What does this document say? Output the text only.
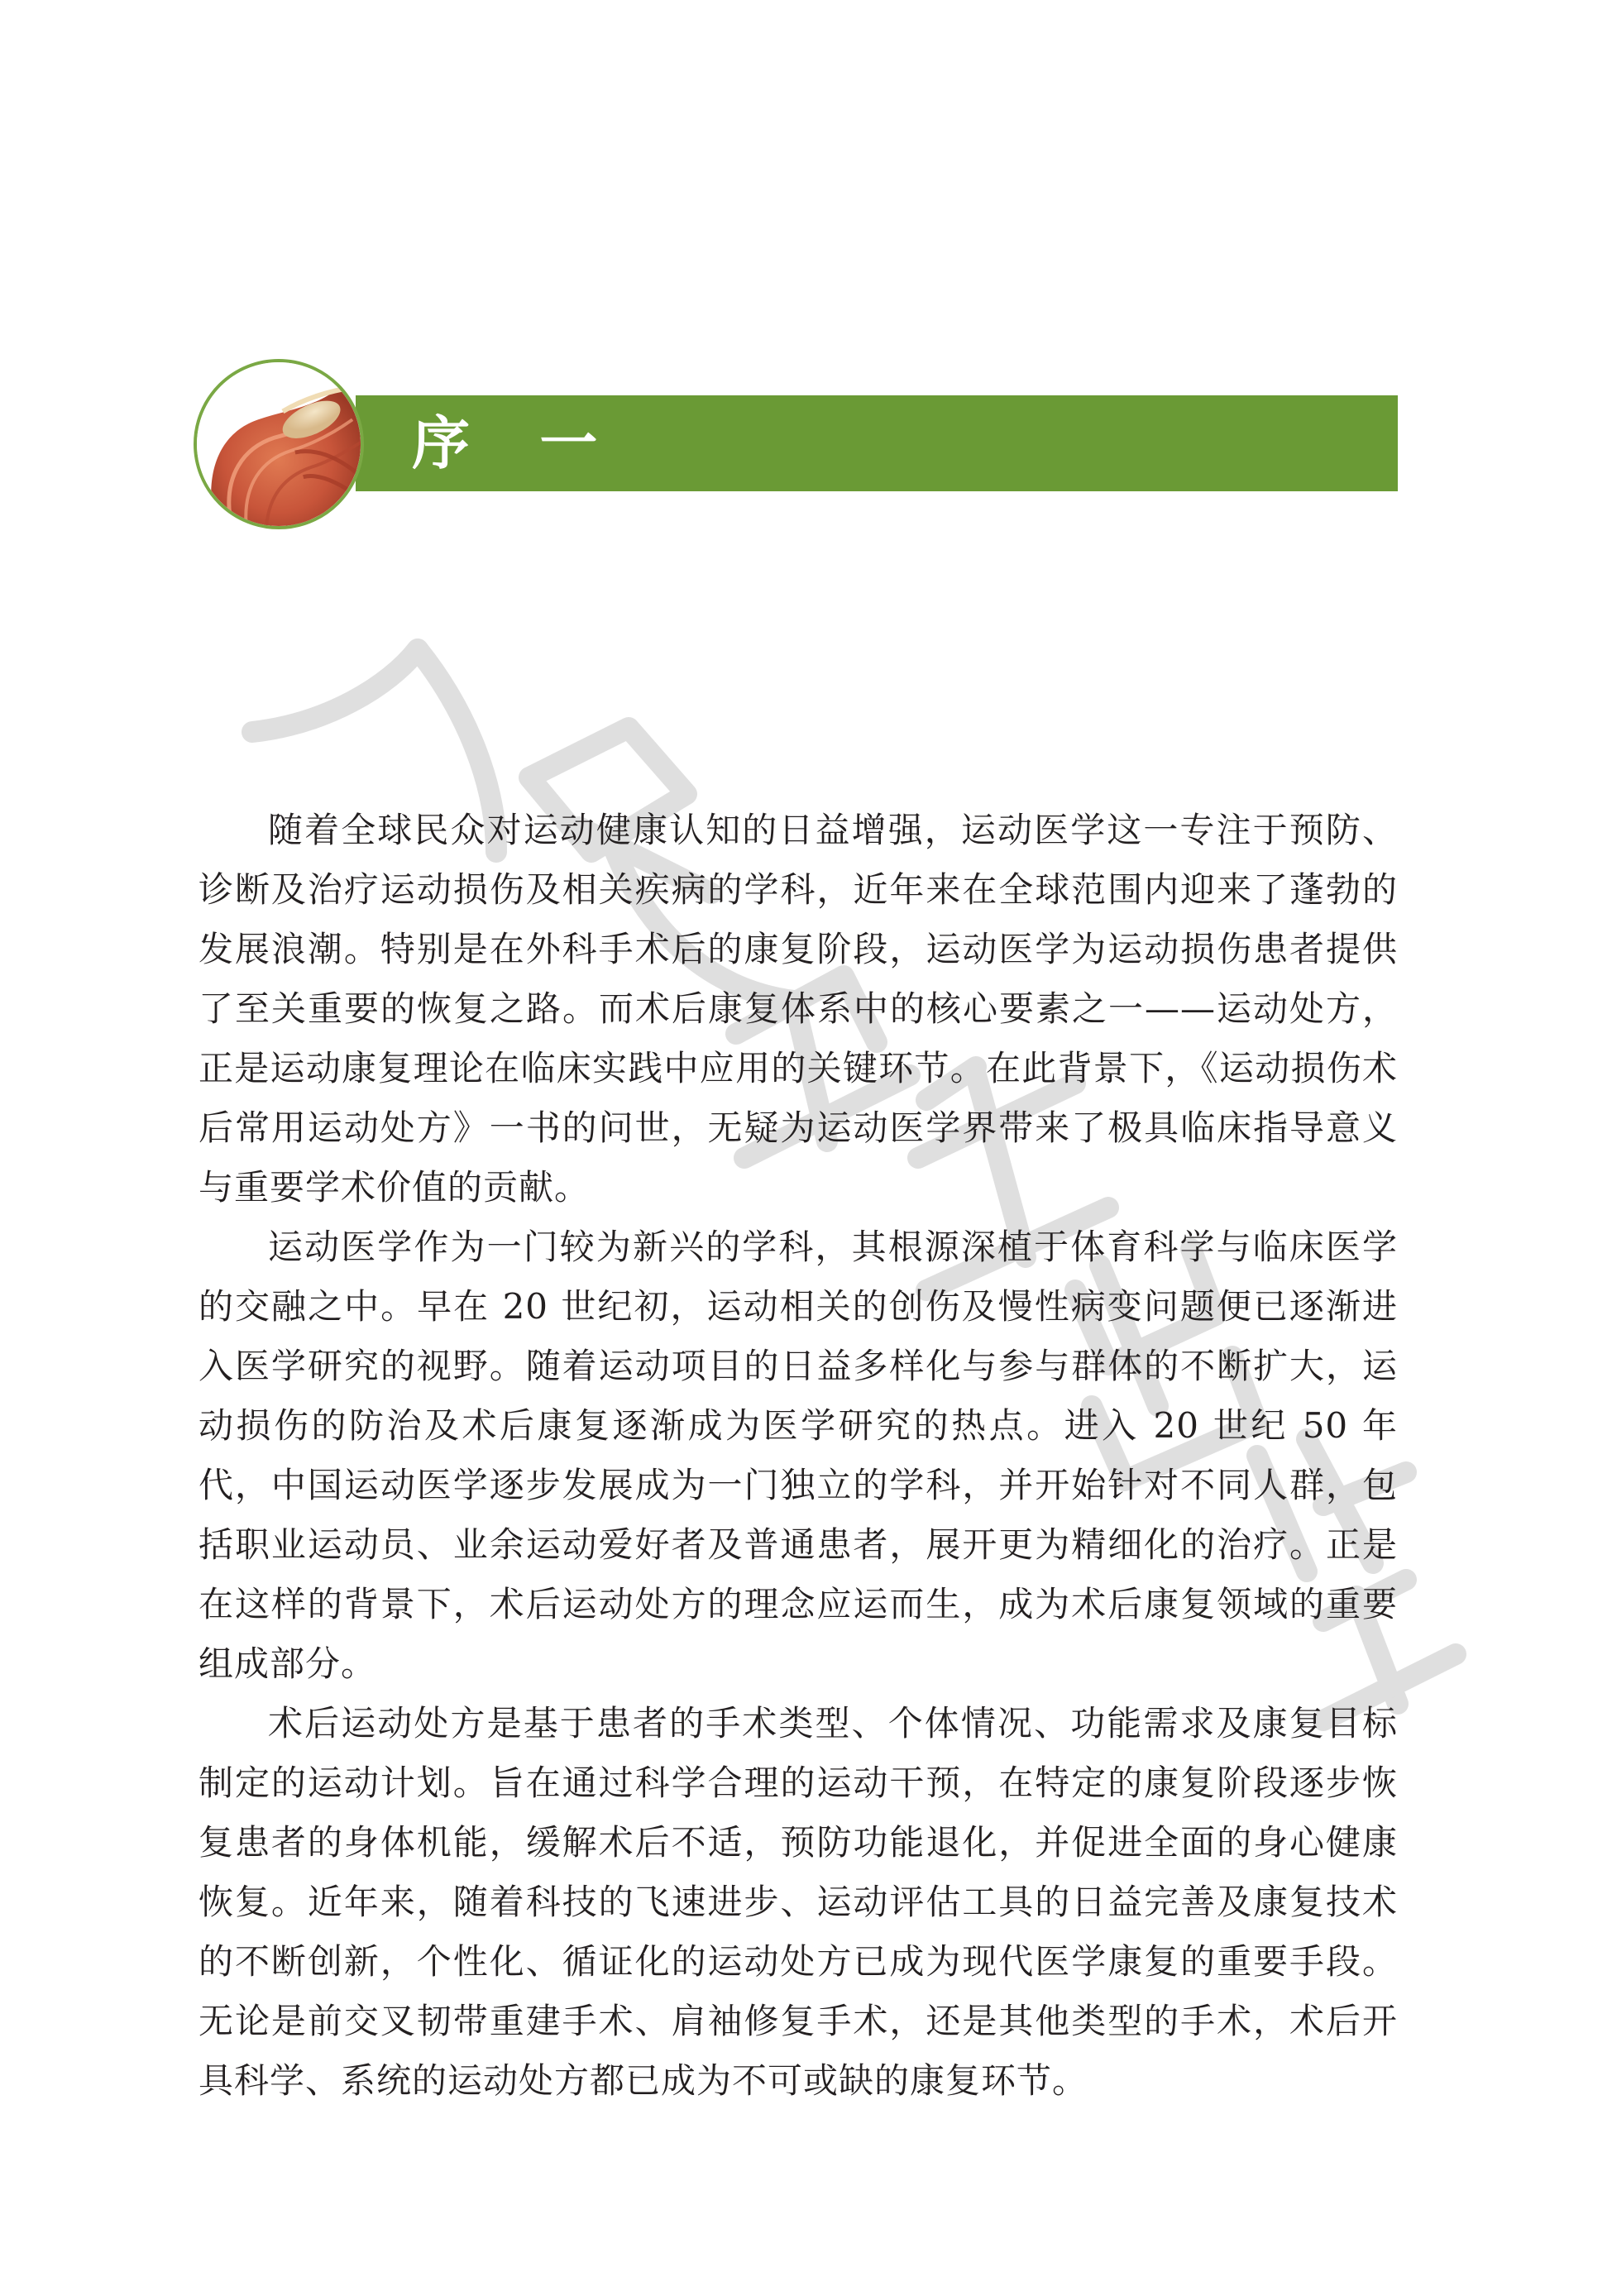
序 一

随着全球民众对运动健康认知的日益增强，运动医学这一专注于预防、诊断及治疗运动损伤及相关疾病的学科，近年来在全球范围内迎来了蓬勃的发展浪潮。特别是在外科手术后的康复阶段，运动医学为运动损伤患者提供了至关重要的恢复之路。而术后康复体系中的核心要素之一——运动处方，正是运动康复理论在临床实践中应用的关键环节。在此背景下，《运动损伤术后常用运动处方》一书的问世，无疑为运动医学界带来了极具临床指导意义与重要学术价值的贡献。

运动医学作为一门较为新兴的学科，其根源深植于体育科学与临床医学的交融之中。早在 20 世纪初，运动相关的创伤及慢性病变问题便已逐渐进入医学研究的视野。随着运动项目的日益多样化与参与群体的不断扩大，运动损伤的防治及术后康复逐渐成为医学研究的热点。进入 20 世纪 50 年代，中国运动医学逐步发展成为一门独立的学科，并开始针对不同人群，包括职业运动员、业余运动爱好者及普通患者，展开更为精细化的治疗。正是在这样的背景下，术后运动处方的理念应运而生，成为术后康复领域的重要组成部分。

术后运动处方是基于患者的手术类型、个体情况、功能需求及康复目标制定的运动计划。旨在通过科学合理的运动干预，在特定的康复阶段逐步恢复患者的身体机能，缓解术后不适，预防功能退化，并促进全面的身心健康恢复。近年来，随着科技的飞速进步、运动评估工具的日益完善及康复技术的不断创新，个性化、循证化的运动处方已成为现代医学康复的重要手段。无论是前交叉韧带重建手术、肩袖修复手术，还是其他类型的手术，术后开具科学、系统的运动处方都已成为不可或缺的康复环节。
